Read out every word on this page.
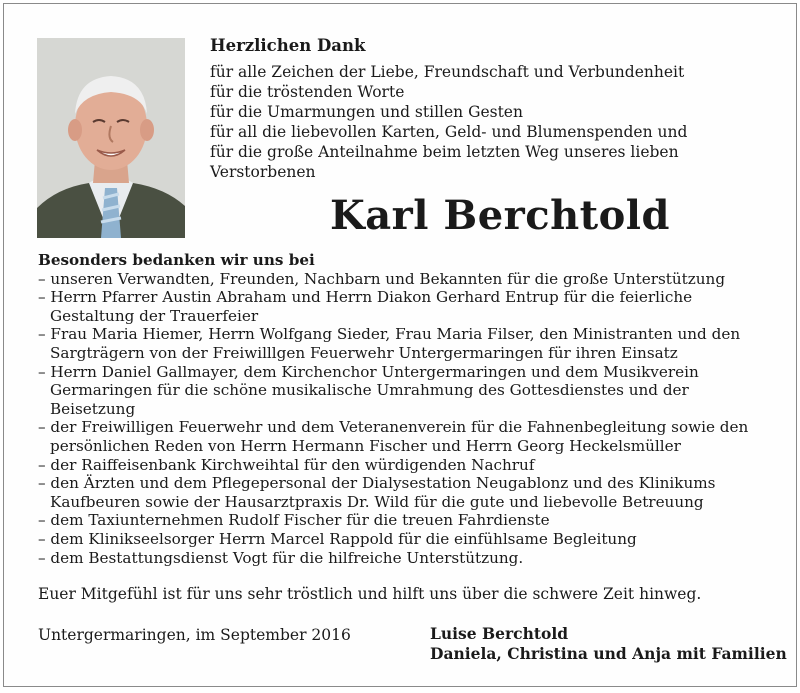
Herzlichen Dank
für alle Zeichen der Liebe, Freundschaft und Verbundenheit
für die tröstenden Worte
für die Umarmungen und stillen Gesten
für all die liebevollen Karten, Geld- und Blumenspenden und
für die große Anteilnahme beim letzten Weg unseres lieben
Verstorbenen
Karl Berchtold
Besonders bedanken wir uns bei
– unseren Verwandten, Freunden, Nachbarn und Bekannten für die große Unterstützung
– Herrn Pfarrer Austin Abraham und Herrn Diakon Gerhard Entrup für die feierliche Gestaltung der Trauerfeier
– Frau Maria Hiemer, Herrn Wolfgang Sieder, Frau Maria Filser, den Ministranten und den Sargträgern von der Freiwilllgen Feuerwehr Untergermaringen für ihren Einsatz
– Herrn Daniel Gallmayer, dem Kirchenchor Untergermaringen und dem Musikverein Germaringen für die schöne musikalische Umrahmung des Gottesdienstes und der Beisetzung
– der Freiwilligen Feuerwehr und dem Veteranenverein für die Fahnenbegleitung sowie den persönlichen Reden von Herrn Hermann Fischer und Herrn Georg Heckelsmüller
– der Raiffeisenbank Kirchweihtal für den würdigenden Nachruf
– den Ärzten und dem Pflegepersonal der Dialysestation Neugablonz und des Klinikums Kaufbeuren sowie der Hausarztpraxis Dr. Wild für die gute und liebevolle Betreuung
– dem Taxiunternehmen Rudolf Fischer für die treuen Fahrdienste
– dem Klinikseelsorger Herrn Marcel Rappold für die einfühlsame Begleitung
– dem Bestattungsdienst Vogt für die hilfreiche Unterstützung.
Euer Mitgefühl ist für uns sehr tröstlich und hilft uns über die schwere Zeit hinweg.
Untergermaringen, im September 2016	Luise Berchtold
Daniela, Christina und Anja mit Familien
